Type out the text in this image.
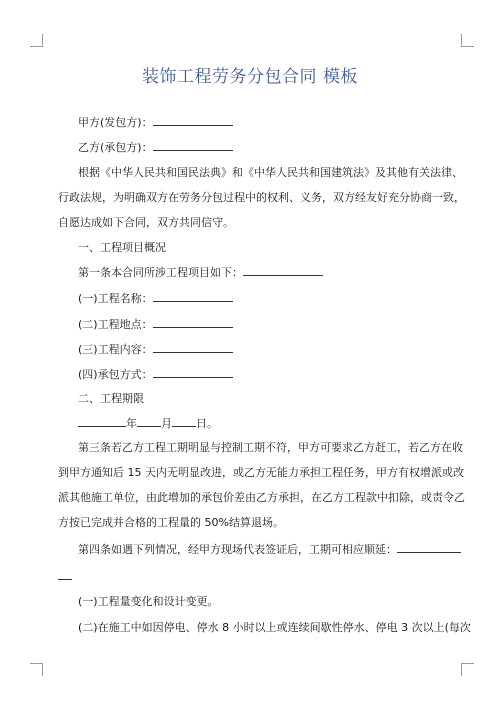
装饰工程劳务分包合同 模板
甲方(发包方)：
乙方(承包方)：
根据《中华人民共和国民法典》和《中华人民共和国建筑法》及其他有关法律、
行政法规，为明确双方在劳务分包过程中的权利、义务，双方经友好充分协商一致，
自愿达成如下合同，双方共同信守。
一、工程项目概况
第一条本合同所涉工程项目如下：
(一)工程名称：
(二)工程地点：
(三)工程内容：
(四)承包方式：
二、工程期限
年 月 日。
第三条若乙方工程工期明显与控制工期不符，甲方可要求乙方赶工，若乙方在收
到甲方通知后 15 天内无明显改进，或乙方无能力承担工程任务，甲方有权增派或改
派其他施工单位，由此增加的承包价差由乙方承担，在乙方工程款中扣除，或责令乙
方按已完成并合格的工程量的 50%结算退场。
第四条如遇下列情况，经甲方现场代表签证后，工期可相应顺延：
(一)工程量变化和设计变更。
(二)在施工中如因停电、停水 8 小时以上或连续间歇性停水、停电 3 次以上(每次
